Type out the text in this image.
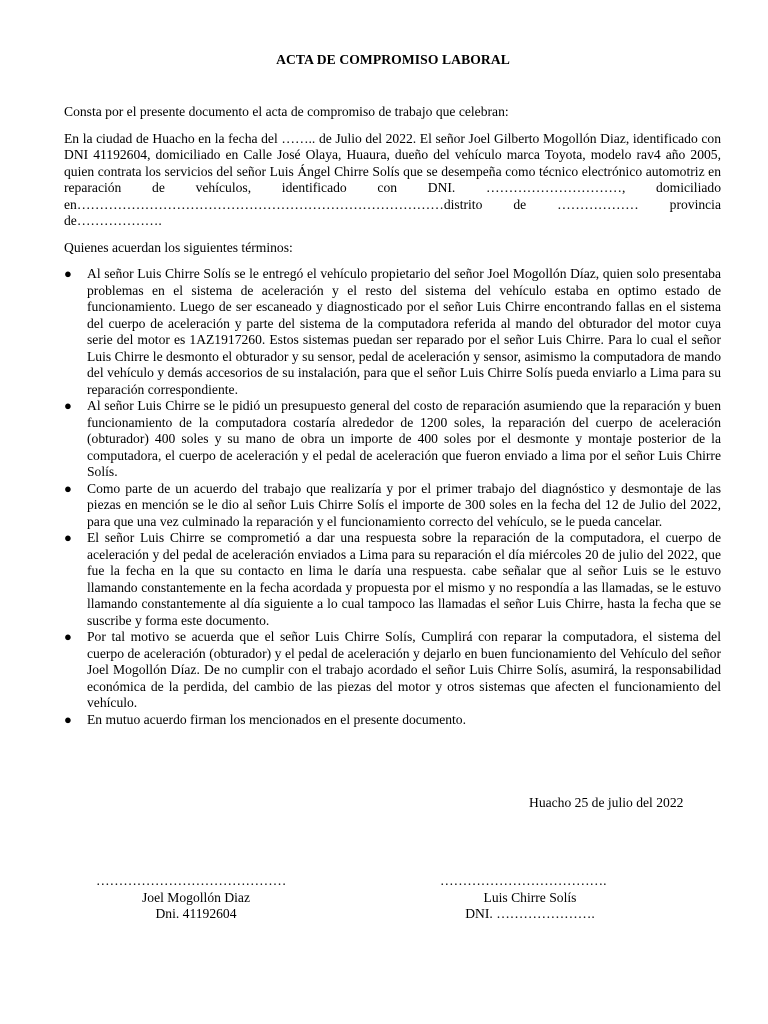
ACTA DE COMPROMISO LABORAL

Consta por el presente documento el acta de compromiso de trabajo que celebran:

En la ciudad de Huacho en la fecha del …….. de Julio del 2022. El señor Joel Gilberto Mogollón Diaz, identificado con DNI 41192604, domiciliado en Calle José Olaya, Huaura, dueño del vehículo marca Toyota, modelo rav4 año 2005, quien contrata los servicios del señor Luis Ángel Chirre Solís que se desempeña como técnico electrónico automotriz en reparación de vehículos, identificado con DNI. …………………………, domiciliado en………………………………………………………………………distrito de ……………… provincia de……………….

Quienes acuerdan los siguientes términos:

● Al señor Luis Chirre Solís se le entregó el vehículo propietario del señor Joel Mogollón Díaz, quien solo presentaba problemas en el sistema de aceleración y el resto del sistema del vehículo estaba en optimo estado de funcionamiento. Luego de ser escaneado y diagnosticado por el señor Luis Chirre encontrando fallas en el sistema del cuerpo de aceleración y parte del sistema de la computadora referida al mando del obturador del motor cuya serie del motor es 1AZ1917260. Estos sistemas puedan ser reparado por el señor Luis Chirre. Para lo cual el señor Luis Chirre le desmonto el obturador y su sensor, pedal de aceleración y sensor, asimismo la computadora de mando del vehículo y demás accesorios de su instalación, para que el señor Luis Chirre Solís pueda enviarlo a Lima para su reparación correspondiente.
● Al señor Luis Chirre se le pidió un presupuesto general del costo de reparación asumiendo que la reparación y buen funcionamiento de la computadora costaría alrededor de 1200 soles, la reparación del cuerpo de aceleración (obturador) 400 soles y su mano de obra un importe de 400 soles por el desmonte y montaje posterior de la computadora, el cuerpo de aceleración y el pedal de aceleración que fueron enviado a lima por el señor Luis Chirre Solís.
● Como parte de un acuerdo del trabajo que realizaría y por el primer trabajo del diagnóstico y desmontaje de las piezas en mención se le dio al señor Luis Chirre Solís el importe de 300 soles en la fecha del 12 de Julio del 2022, para que una vez culminado la reparación y el funcionamiento correcto del vehículo, se le pueda cancelar.
● El señor Luis Chirre se comprometió a dar una respuesta sobre la reparación de la computadora, el cuerpo de aceleración y del pedal de aceleración enviados a Lima para su reparación el día miércoles 20 de julio del 2022, que fue la fecha en la que su contacto en lima le daría una respuesta. cabe señalar que al señor Luis se le estuvo llamando constantemente en la fecha acordada y propuesta por el mismo y no respondía a las llamadas, se le estuvo llamando constantemente al día siguiente a lo cual tampoco las llamadas el señor Luis Chirre, hasta la fecha que se suscribe y forma este documento.
● Por tal motivo se acuerda que el señor Luis Chirre Solís, Cumplirá con reparar la computadora, el sistema del cuerpo de aceleración (obturador) y el pedal de aceleración y dejarlo en buen funcionamiento del Vehículo del señor Joel Mogollón Díaz. De no cumplir con el trabajo acordado el señor Luis Chirre Solís, asumirá, la responsabilidad económica de la perdida, del cambio de las piezas del motor y otros sistemas que afecten el funcionamiento del vehículo.
● En mutuo acuerdo firman los mencionados en el presente documento.
Huacho 25 de julio del 2022
……………………………………
Joel Mogollón Diaz
Dni. 41192604
……………………………….
Luis Chirre Solís
DNI. ………………….
